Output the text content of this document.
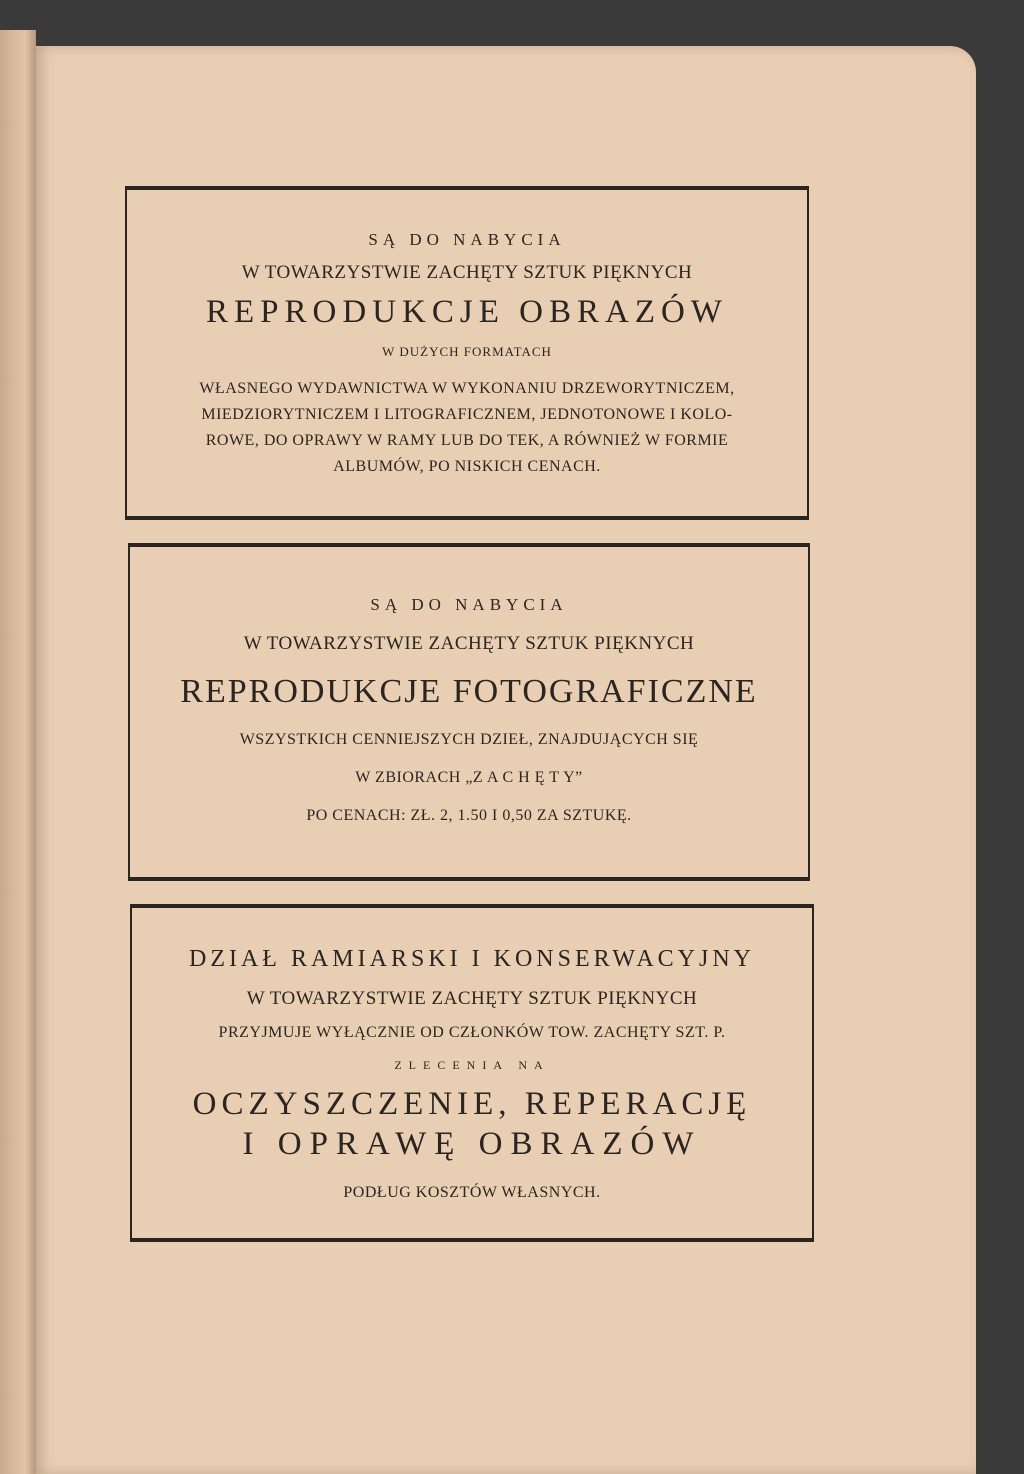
SĄ DO NABYCIA
W TOWARZYSTWIE ZACHĘTY SZTUK PIĘKNYCH
REPRODUKCJE OBRAZÓW
W DUŻYCH FORMATACH
WŁASNEGO WYDAWNICTWA W WYKONANIU DRZEWORYTNICZEM,
MIEDZIORYTNICZEM I LITOGRAFICZNEM, JEDNOTONOWE I KOLO-
ROWE, DO OPRAWY W RAMY LUB DO TEK, A RÓWNIEŻ W FORMIE
ALBUMÓW, PO NISKICH CENACH.
SĄ DO NABYCIA
W TOWARZYSTWIE ZACHĘTY SZTUK PIĘKNYCH
REPRODUKCJE FOTOGRAFICZNE
WSZYSTKICH CENNIEJSZYCH DZIEŁ, ZNAJDUJĄCYCH SIĘ
W ZBIORACH „Z A C H Ę T Y”
PO CENACH: ZŁ. 2, 1.50 I 0,50 ZA SZTUKĘ.
DZIAŁ RAMIARSKI I KONSERWACYJNY
W TOWARZYSTWIE ZACHĘTY SZTUK PIĘKNYCH
PRZYJMUJE WYŁĄCZNIE OD CZŁONKÓW TOW. ZACHĘTY SZT. P.
ZLECENIA NA
OCZYSZCZENIE, REPERACJĘ
I OPRAWĘ OBRAZÓW
PODŁUG KOSZTÓW WŁASNYCH.
